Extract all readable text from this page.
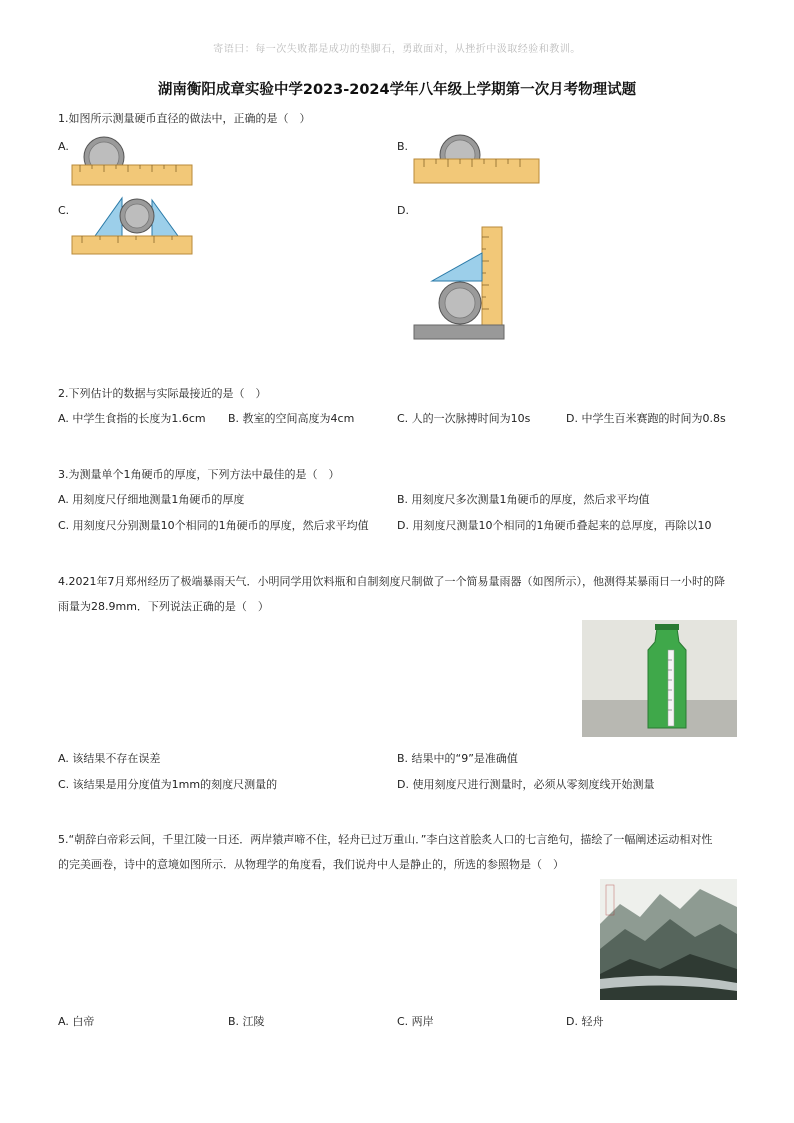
寄语曰：每一次失败都是成功的垫脚石，勇敢面对，从挫折中汲取经验和教训。
湖南衡阳成章实验中学2023-2024学年八年级上学期第一次月考物理试题
1.如图所示测量硬币直径的做法中，正确的是（　）
A.	B.
C.	D.
2.下列估计的数据与实际最接近的是（　）
A. 中学生食指的长度为1.6cm B. 教室的空间高度为4cm	C. 人的一次脉搏时间为10s	D. 中学生百米赛跑的时间为0.8s
3.为测量单个1角硬币的厚度，下列方法中最佳的是（　）
A. 用刻度尺仔细地测量1角硬币的厚度	B. 用刻度尺多次测量1角硬币的厚度，然后求平均值
C. 用刻度尺分别测量10个相同的1角硬币的厚度，然后求平均值	D. 用刻度尺测量10个相同的1角硬币叠起来的总厚度，再除以10
4.2021年7月郑州经历了极端暴雨天气．小明同学用饮料瓶和自制刻度尺制做了一个简易量雨器（如图所示），他测得某暴雨日一小时的降
雨量为28.9mm．下列说法正确的是（　）
A. 该结果不存在误差	B. 结果中的“9”是准确值
C. 该结果是用分度值为1mm的刻度尺测量的	D. 使用刻度尺进行测量时，必须从零刻度线开始测量
5.“朝辞白帝彩云间，千里江陵一日还．两岸猿声啼不住，轻舟已过万重山．”李白这首脍炙人口的七言绝句，描绘了一幅阐述运动相对性
的完美画卷，诗中的意境如图所示．从物理学的角度看，我们说舟中人是静止的，所选的参照物是（　）
A. 白帝	B. 江陵	C. 两岸	D. 轻舟
